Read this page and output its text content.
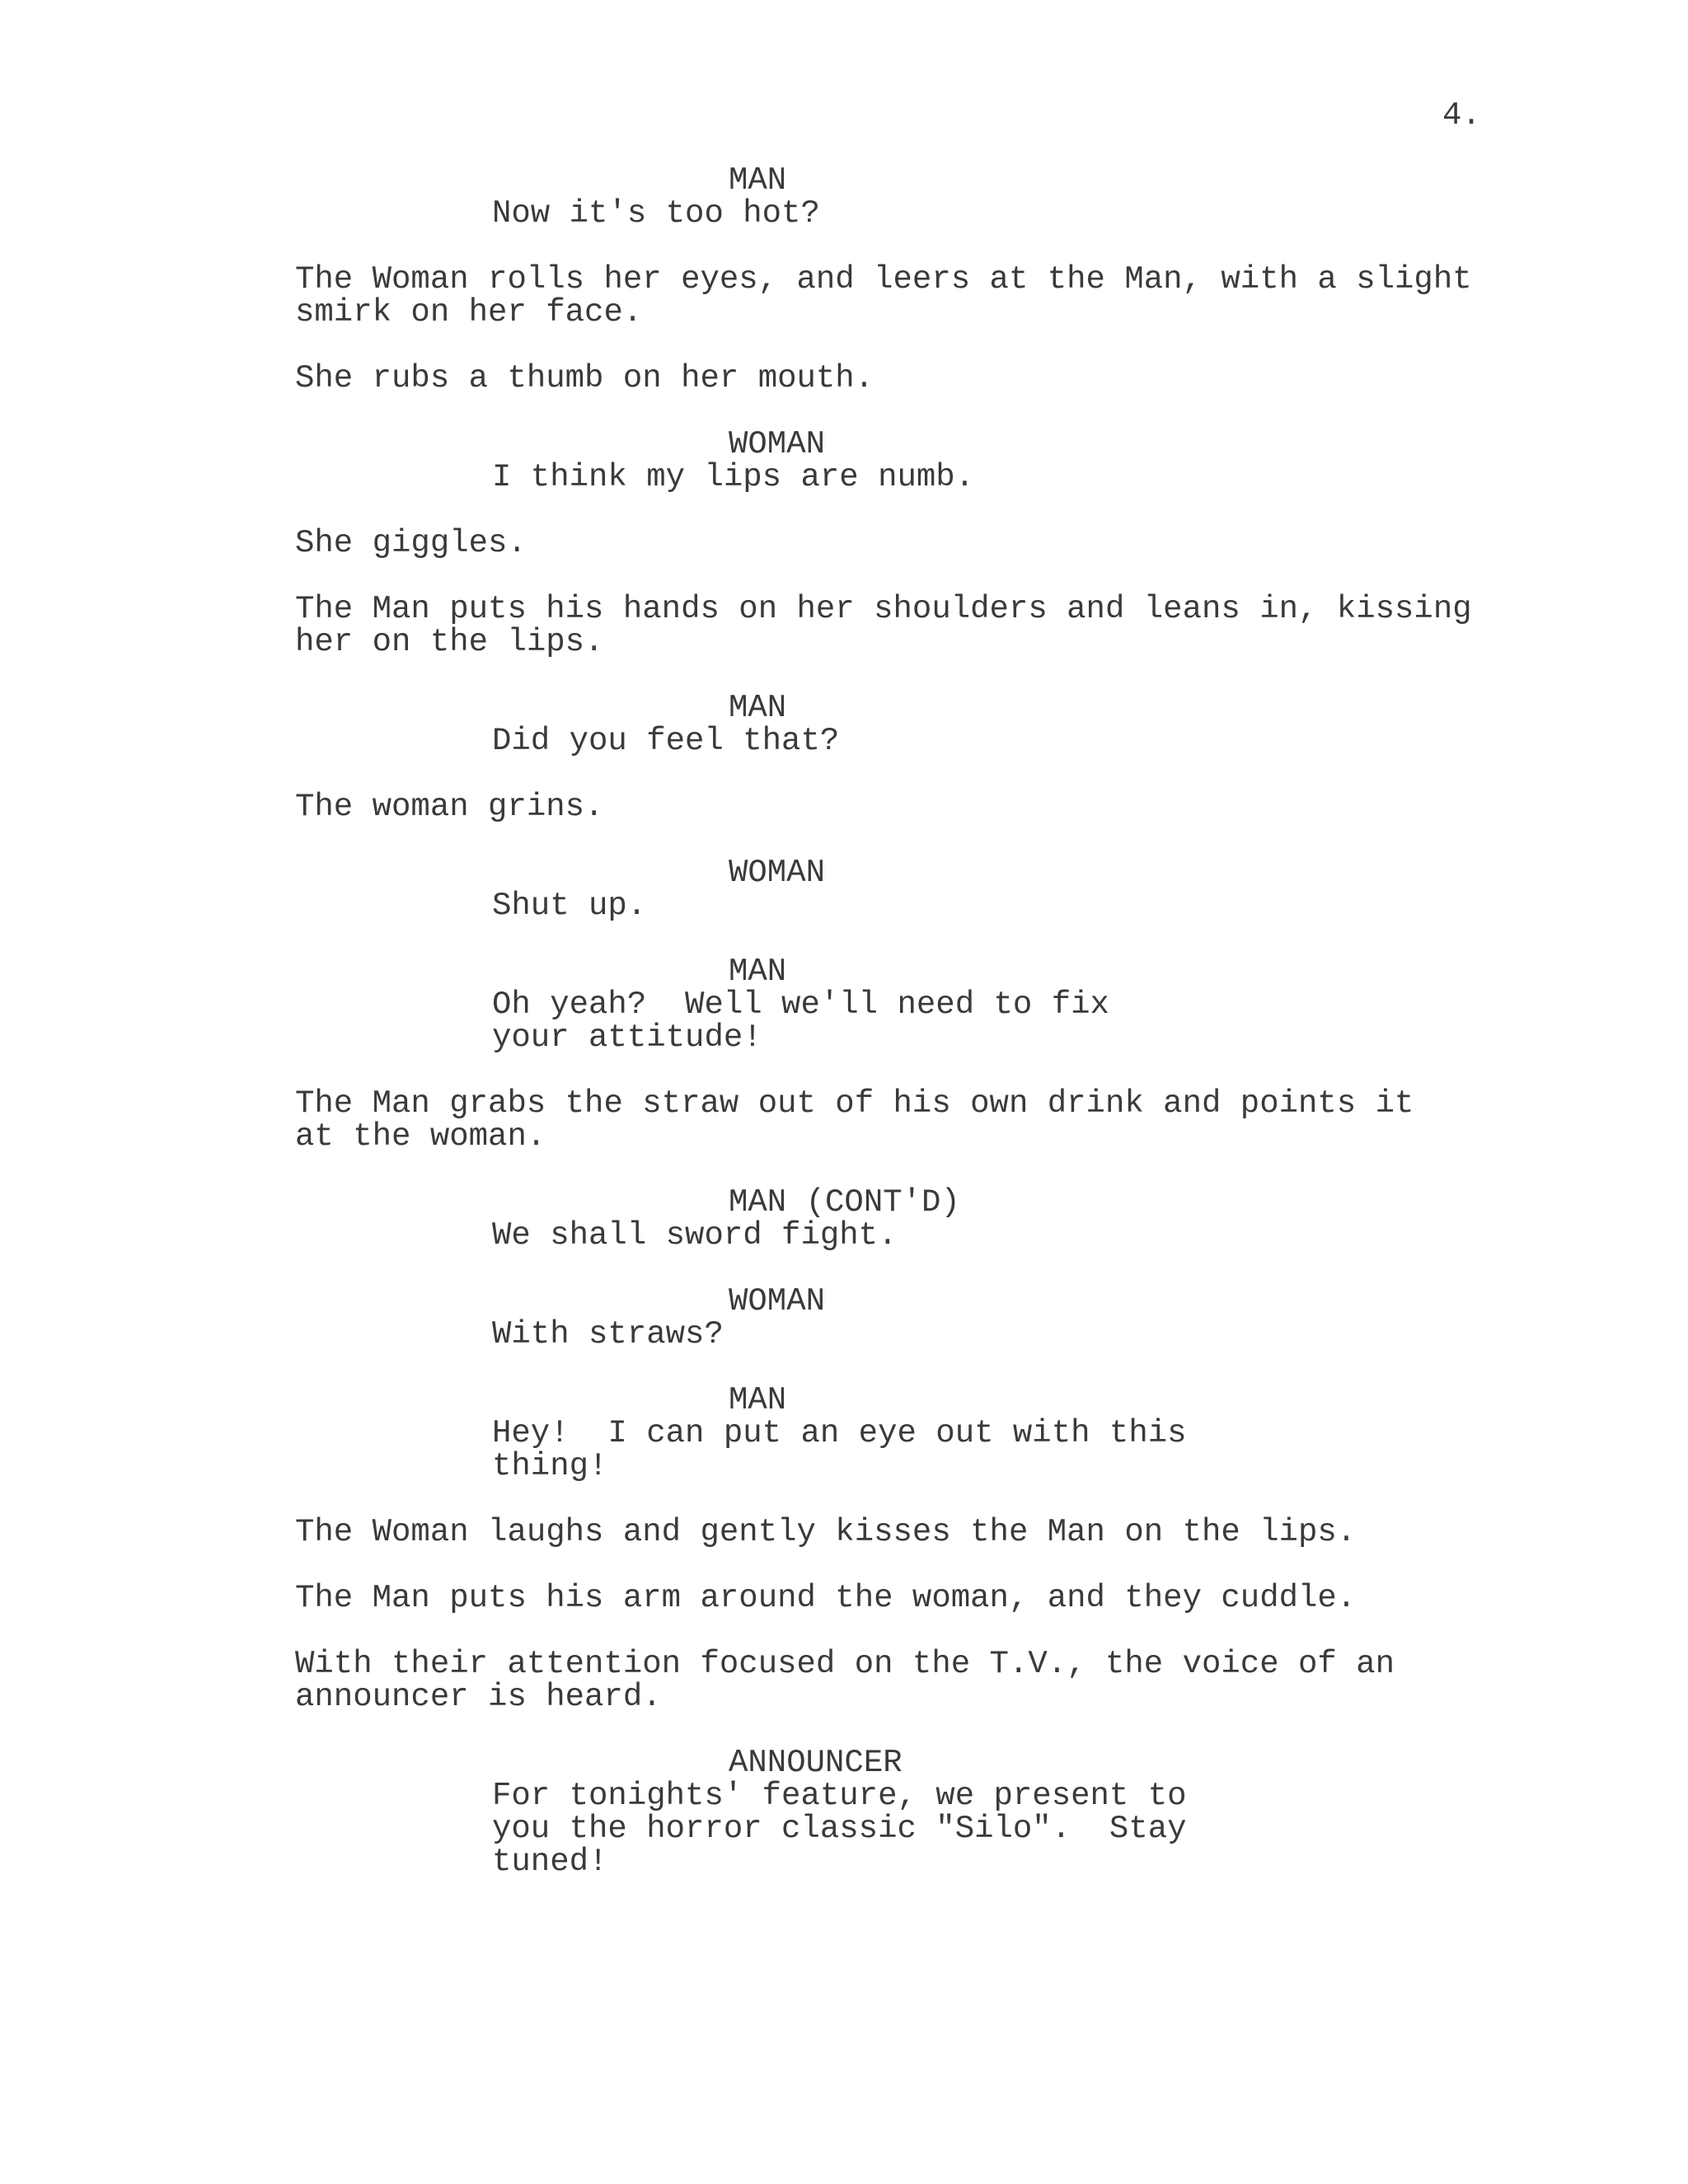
4.
MAN
Now it's too hot?
The Woman rolls her eyes, and leers at the Man, with a slight
smirk on her face.
She rubs a thumb on her mouth.
WOMAN
I think my lips are numb.
She giggles.
The Man puts his hands on her shoulders and leans in, kissing
her on the lips.
MAN
Did you feel that?
The woman grins.
WOMAN
Shut up.
MAN
Oh yeah?  Well we'll need to fix
your attitude!
The Man grabs the straw out of his own drink and points it
at the woman.
MAN (CONT'D)
We shall sword fight.
WOMAN
With straws?
MAN
Hey!  I can put an eye out with this
thing!
The Woman laughs and gently kisses the Man on the lips.
The Man puts his arm around the woman, and they cuddle.
With their attention focused on the T.V., the voice of an
announcer is heard.
ANNOUNCER
For tonights' feature, we present to
you the horror classic "Silo".  Stay
tuned!
